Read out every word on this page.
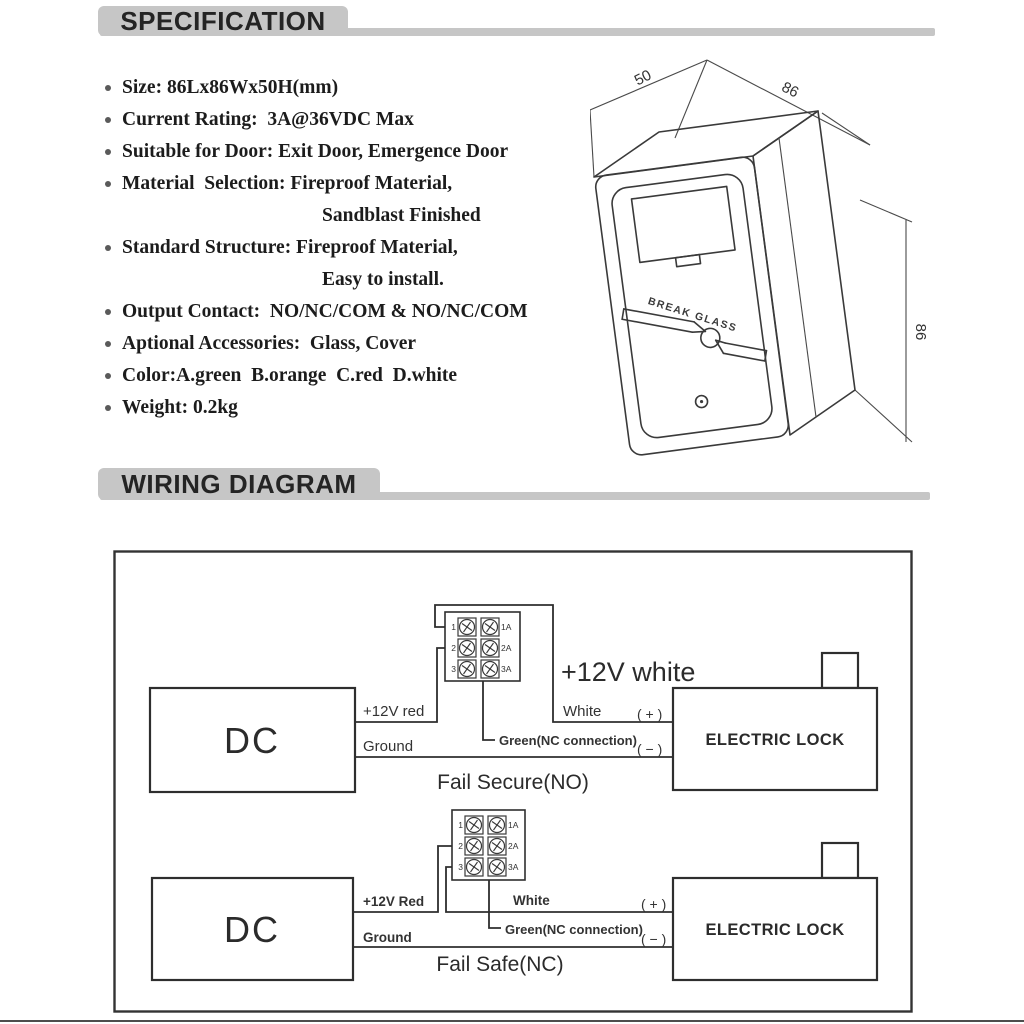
SPECIFICATION
Size: 86Lx86Wx50H(mm)
Current Rating:  3A@36VDC Max
Suitable for Door: Exit Door, Emergence Door
Material  Selection: Fireproof Material,
Sandblast Finished
Standard Structure: Fireproof Material,
Easy to install.
Output Contact:  NO/NC/COM & NO/NC/COM
Aptional Accessories:  Glass, Cover
Color:A.green  B.orange  C.red  D.white
Weight: 0.2kg
50
86
86
BREAK GLASS
WIRING DIAGRAM
DC	ELECTRIC LOCK
1
2
3
1A
2A
3A
+12V red
Ground
White	( + )
Green(NC connection)
( − )
+12V white
Fail Secure(NO)
DC	ELECTRIC LOCK
1
2
3
1A
2A
3A
+12V Red
Ground
White	( + )
Green(NC connection)
( − )
Fail Safe(NC)
